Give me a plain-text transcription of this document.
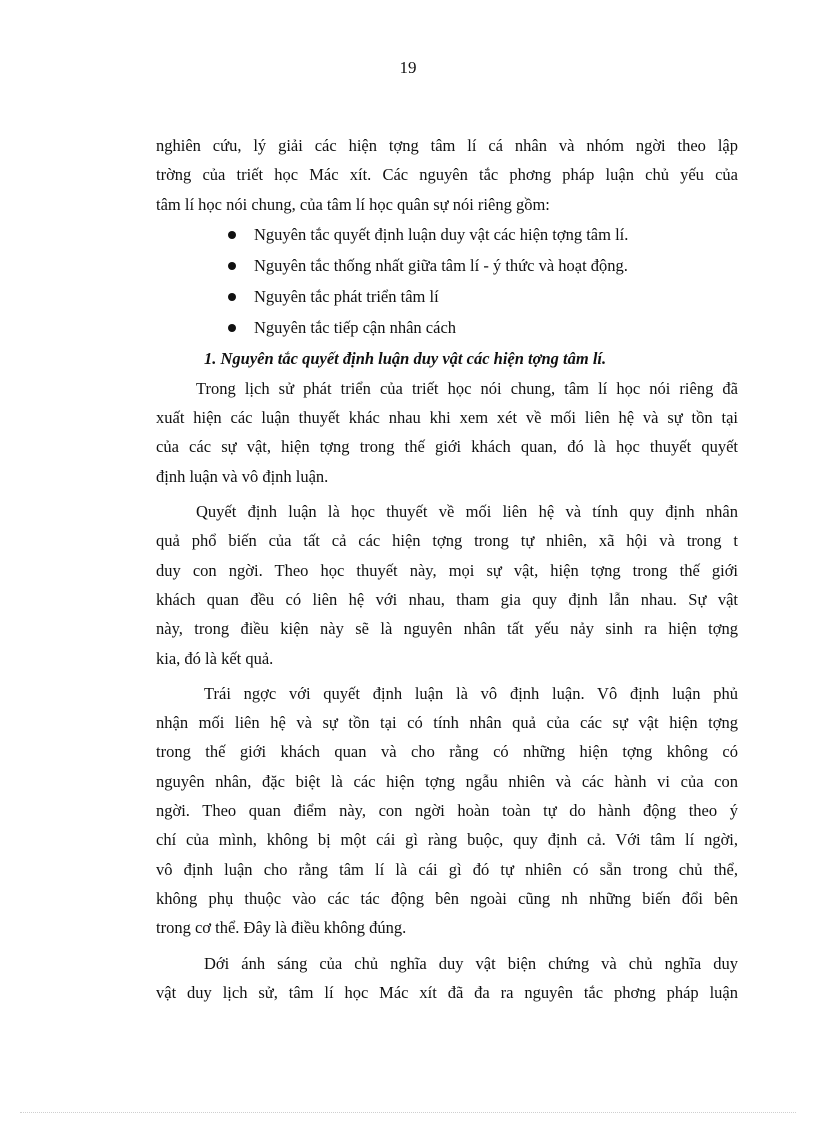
19
nghiên cứu, lý giải các hiện tợng tâm lí cá nhân và nhóm ngời theo lập
trờng của triết học Mác xít. Các nguyên tắc phơng pháp luận chủ yếu của
tâm lí học nói chung, của tâm lí học quân sự nói riêng gồm:
Nguyên tắc quyết định luận duy vật các hiện tợng tâm lí.
Nguyên tắc thống nhất giữa tâm lí - ý thức và hoạt động.
Nguyên tắc phát triển tâm lí
Nguyên tắc tiếp cận nhân cách
1. Nguyên tắc quyết định luận duy vật các hiện tợng tâm lí.
Trong lịch sử phát triển của triết học nói chung, tâm lí học nói riêng đã
xuất hiện các luận thuyết khác nhau khi xem xét về mối liên hệ và sự tồn tại
của các sự vật, hiện tợng trong thế giới khách quan, đó là học thuyết quyết
định luận và vô định luận.
Quyết định luận là học thuyết về mối liên hệ và tính quy định nhân
quả phổ biến của tất cả các hiện tợng trong tự nhiên, xã hội và trong t
duy con ngời. Theo học thuyết này, mọi sự vật, hiện tợng trong thế giới
khách quan đều có liên hệ với nhau, tham gia quy định lẫn nhau. Sự vật
này, trong điều kiện này sẽ là nguyên nhân tất yếu nảy sinh ra hiện tợng
kia, đó là kết quả.
Trái ngợc với quyết định luận là vô định luận. Vô định luận phủ
nhận mối liên hệ và sự tồn tại có tính nhân quả của các sự vật hiện tợng
trong thế giới khách quan và cho rằng có những hiện tợng không có
nguyên nhân, đặc biệt là các hiện tợng ngẫu nhiên và các hành vi của con
ngời. Theo quan điểm này, con ngời hoàn toàn tự do hành động theo ý
chí của mình, không bị một cái gì ràng buộc, quy định cả. Với tâm lí ngời,
vô định luận cho rằng tâm lí là cái gì đó tự nhiên có sẵn trong chủ thể,
không phụ thuộc vào các tác động bên ngoài cũng nh những biến đổi bên
trong cơ thể. Đây là điều không đúng.
Dới ánh sáng của chủ nghĩa duy vật biện chứng và chủ nghĩa duy
vật duy lịch sử, tâm lí học Mác xít đã đa ra nguyên tắc phơng pháp luận
